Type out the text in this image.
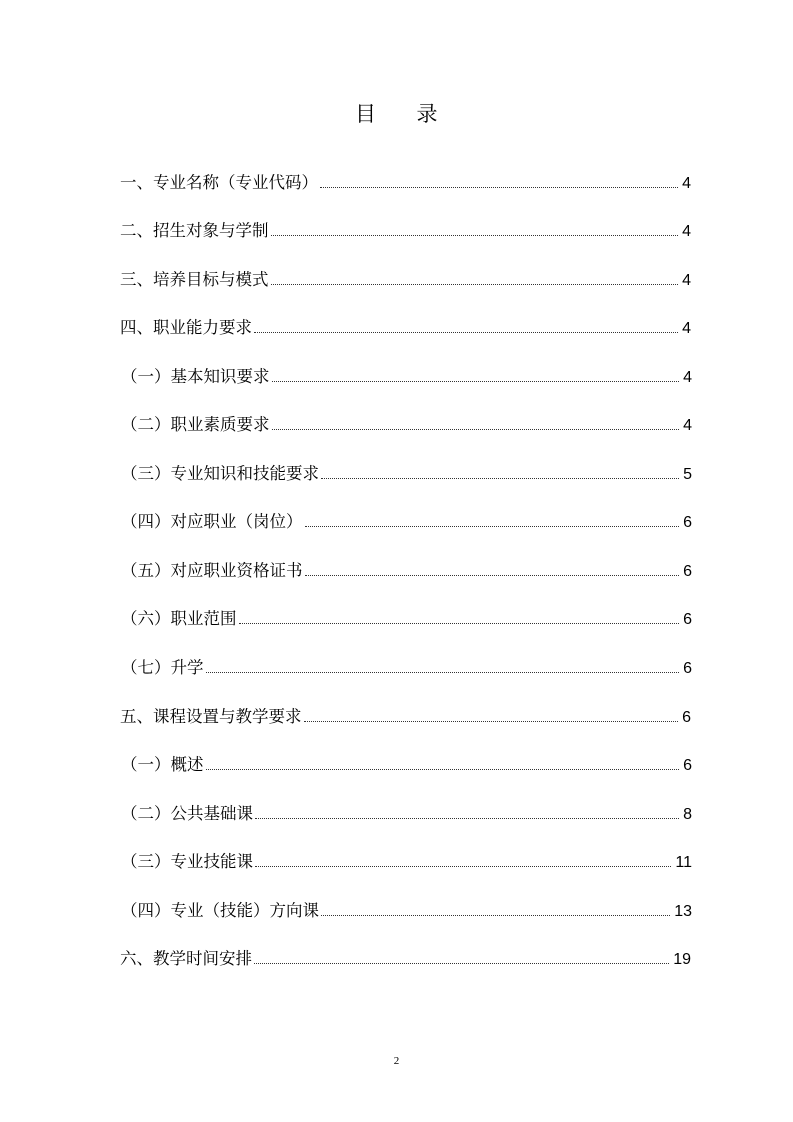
目 录
一、专业名称（专业代码）	4
二、招生对象与学制	4
三、培养目标与模式	4
四、职业能力要求	4
（一）基本知识要求	4
（二）职业素质要求	4
（三）专业知识和技能要求	5
（四）对应职业（岗位）	6
（五）对应职业资格证书	6
（六）职业范围	6
（七）升学	6
五、课程设置与教学要求	6
（一）概述	6
（二）公共基础课	8
（三）专业技能课	11
（四）专业（技能）方向课	13
六、教学时间安排	19
2
